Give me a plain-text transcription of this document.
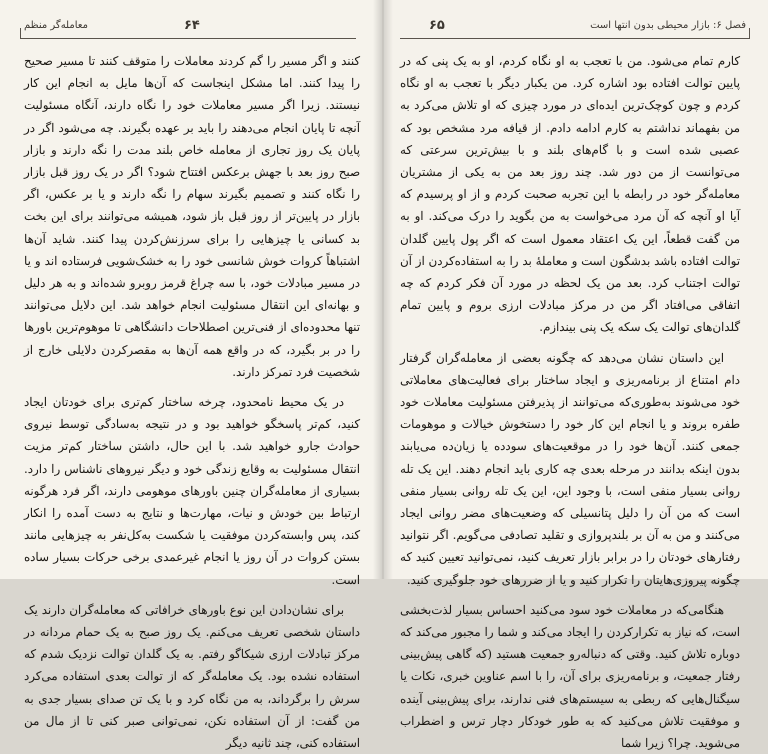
۶۴
معامله‌گر منظم

کنند و اگر مسیر را گم کردند معاملات را متوقف کنند تا مسیر صحیح را پیدا کنند. اما مشکل اینجاست که آن‌ها مایل به انجام این کار نیستند. زیرا اگر مسیر معاملات خود را نگاه دارند، آنگاه مسئولیت آنچه تا پایان انجام می‌دهند را باید بر عهده بگیرند. چه می‌شود اگر در پایان یک روز تجاری از معامله خاص بلند مدت را نگه دارند و بازار صبح روز بعد با جهش برعکس افتتاح شود؟ اگر در یک روز قبل بازار را نگاه کنند و تصمیم بگیرند سهام را نگه دارند و یا بر عکس، اگر بازار در پایین‌تر از روز قبل باز شود، همیشه می‌توانند برای این بخت بد کسانی یا چیزهایی را برای سرزنش‌کردن پیدا کنند. شاید آن‌ها اشتباهاً کروات خوش شانسی خود را به خشک‌شویی فرستاده اند و یا در مسیر مبادلات خود، با سه چراغ قرمز روبرو شده‌اند و به هر دلیل و بهانه‌ای این انتقال مسئولیت انجام خواهد شد. این دلایل می‌توانند تنها محدوده‌ای از فنی‌ترین اصطلاحات دانشگاهی تا موهوم‌ترین باورها را در بر بگیرد، که در واقع همه آن‌ها به مقصرکردن دلایلی خارج از شخصیت فرد تمرکز دارند.

در یک محیط نامحدود، چرخه ساختار کم‌تری برای خودتان ایجاد کنید، کم‌تر پاسخگو خواهید بود و در نتیجه به‌سادگی توسط نیروی حوادث جارو خواهید شد. با این حال، داشتن ساختار کم‌تر مزیت انتقال مسئولیت به وقایع زندگی خود و دیگر نیروهای ناشناس را دارد. بسیاری از معامله‌گران چنین باورهای موهومی دارند، اگر فرد هرگونه ارتباط بین خودش و نیات، مهارت‌ها و نتایج به دست آمده را انکار کند، پس وابسته‌کردن موفقیت یا شکست به‌کل‌نفر به چیزهایی مانند بستن کروات در آن روز یا انجام غیرعمدی برخی حرکات بسیار ساده است.

برای نشان‌دادن این نوع باورهای خرافاتی که معامله‌گران دارند یک داستان شخصی تعریف می‌کنم. یک روز صبح به یک حمام مردانه در مرکز تبادلات ارزی شیکاگو رفتم. به یک گلدان توالت نزدیک شدم که استفاده نشده بود. یک معامله‌گر که از توالت بعدی استفاده می‌کرد سرش را برگرداند، به من نگاه کرد و با یک تن صدای بسیار جدی به من گفت: از آن استفاده نکن، نمی‌توانی صبر کنی تا از مال من استفاده کنی، چند ثانیه دیگر

۶۵	فصل ۶: بازار محیطی بدون انتها است

کارم تمام می‌شود. من با تعجب به او نگاه کردم، او به یک پنی که در پایین توالت افتاده بود اشاره کرد. من یکبار دیگر با تعجب به او نگاه کردم و چون کوچک‌ترین ایده‌ای در مورد چیزی که او تلاش می‌کرد به من بفهماند نداشتم به کارم ادامه دادم. از قیافه مرد مشخص بود که عصبی شده است و با گام‌های بلند و با بیش‌ترین سرعتی که می‌توانست از من دور شد. چند روز بعد من به یکی از مشتریان معامله‌گر خود در رابطه با این تجربه صحبت کردم و از او پرسیدم که آیا او آنچه که آن مرد می‌خواست به من بگوید را درک می‌کند. او به من گفت قطعاً، این یک اعتقاد معمول است که اگر پول پایین گلدان توالت افتاده باشد بدشگون است و معاملهٔ بد را به استفاده‌کردن از آن توالت اجتناب کرد. بعد من یک لحظه در مورد آن فکر کردم که چه اتفاقی می‌افتاد اگر من در مرکز مبادلات ارزی بروم و پایین تمام گلدان‌های توالت یک سکه یک پنی بیندازم.

این داستان نشان می‌دهد که چگونه بعضی از معامله‌گران گرفتار دام امتناع از برنامه‌ریزی و ایجاد ساختار برای فعالیت‌های معاملاتی خود می‌شوند به‌طوری‌که می‌توانند از پذیرفتن مسئولیت معاملات خود طفره بروند و یا انجام این کار خود را دستخوش خیالات و موهومات جمعی کنند. آن‌ها خود را در موقعیت‌های سودده یا زیان‌ده می‌یابند بدون اینکه بدانند در مرحله بعدی چه کاری باید انجام دهند. این یک تله روانی بسیار منفی است، با وجود این، این یک تله روانی بسیار منفی است که من آن را دلیل پتانسیلی که وضعیت‌های مضر روانی ایجاد می‌کنند و من به آن بر بلندپروازی و تقلید تصادفی می‌گویم. اگر نتوانید رفتارهای خودتان را در برابر بازار تعریف کنید، نمی‌توانید تعیین کنید که چگونه پیروزی‌هایتان را تکرار کنید و یا از ضررهای خود جلوگیری کنید.

هنگامی‌که در معاملات خود سود می‌کنید احساس بسیار لذت‌بخشی است، که نیاز به تکرارکردن را ایجاد می‌کند و شما را مجبور می‌کند که دوباره تلاش کنید. وقتی که دنباله‌رو جمعیت هستید (که گاهی پیش‌بینی رفتار جمعیت، و برنامه‌ریزی برای آن، را با اسم عناوین خبری، نکات یا سیگنال‌هایی که ربطی به سیستم‌های فنی ندارند، برای پیش‌بینی آینده و موفقیت تلاش می‌کنید که به طور خودکار دچار ترس و اضطراب می‌شوید. چرا؟ زیرا شما
